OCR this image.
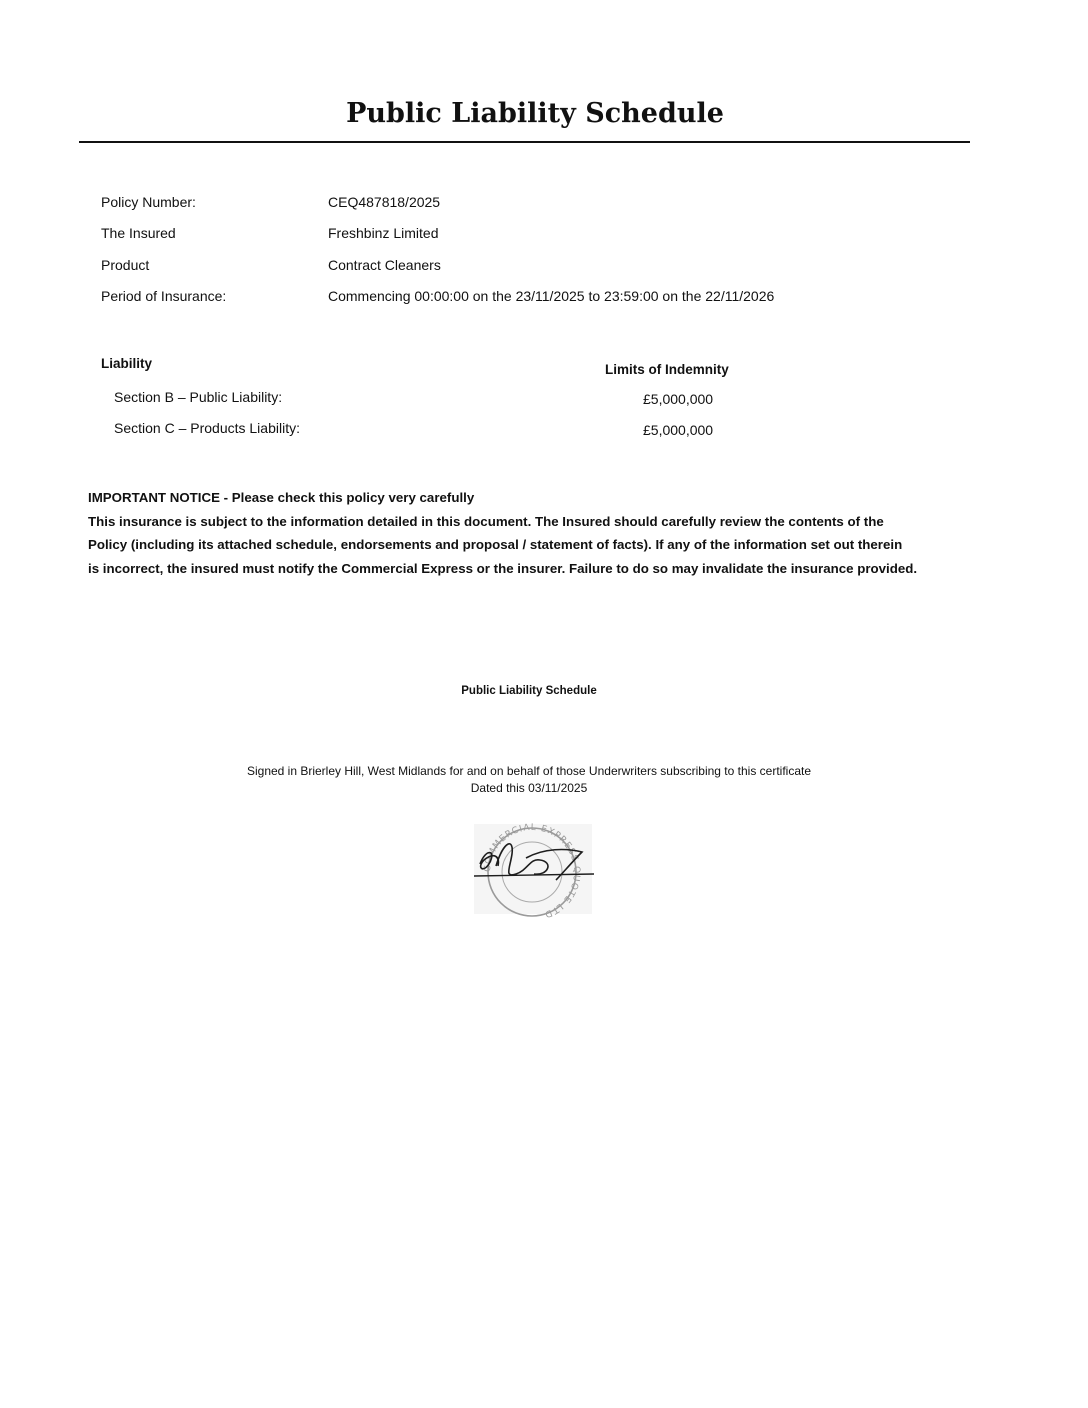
Public Liability Schedule
Policy Number:	CEQ487818/2025
The Insured	Freshbinz Limited
Product	Contract Cleaners
Period of Insurance:	Commencing 00:00:00 on the 23/11/2025 to 23:59:00 on the 22/11/2026
Liability	Limits of Indemnity
Section B – Public Liability:	£5,000,000
Section C – Products Liability:	£5,000,000
IMPORTANT NOTICE - Please check this policy very carefully
This insurance is subject to the information detailed in this document. The Insured should carefully review the contents of the
Policy (including its attached schedule, endorsements and proposal / statement of facts). If any of the information set out therein
is incorrect, the insured must notify the Commercial Express or the insurer. Failure to do so may invalidate the insurance provided.
Public Liability Schedule
Signed in Brierley Hill, West Midlands for and on behalf of those Underwriters subscribing to this certificate
Dated this 03/11/2025
COMMERCIAL EXPRESS QUOTE LTD
